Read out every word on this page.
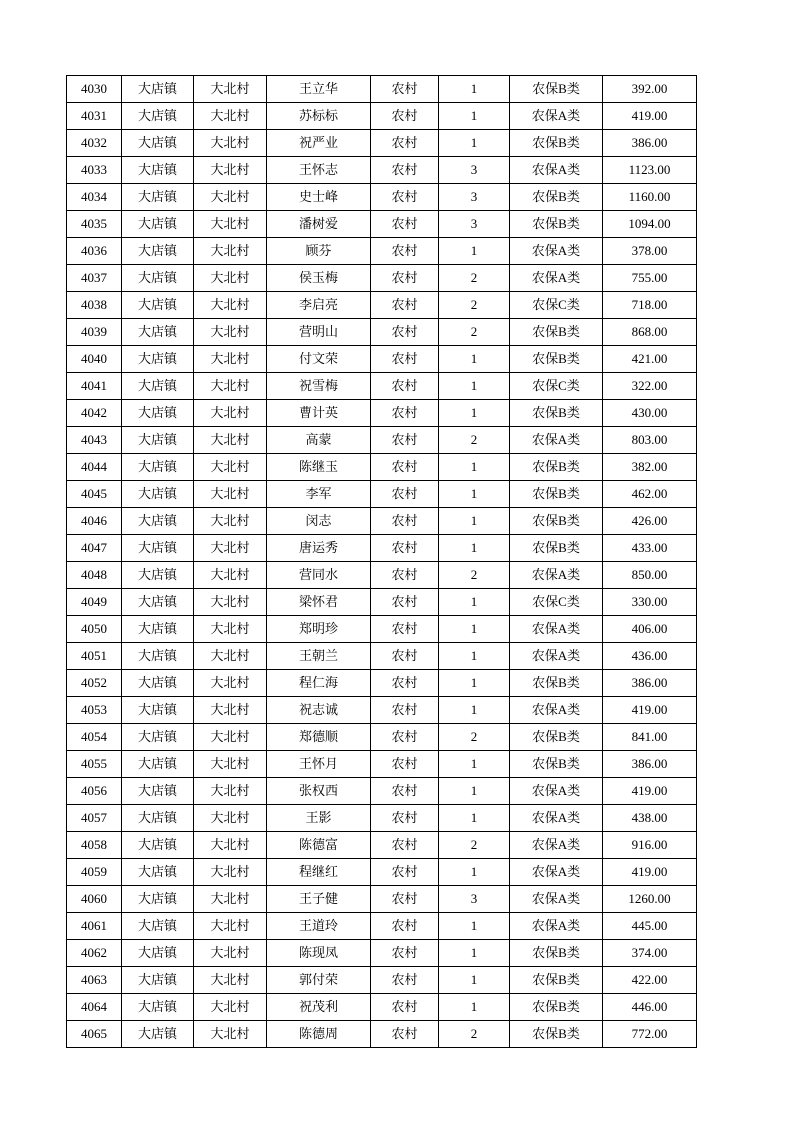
4030	大店镇	大北村	王立华	农村	1	农保B类	392.00
4031	大店镇	大北村	苏标标	农村	1	农保A类	419.00
4032	大店镇	大北村	祝严业	农村	1	农保B类	386.00
4033	大店镇	大北村	王怀志	农村	3	农保A类	1123.00
4034	大店镇	大北村	史士峰	农村	3	农保B类	1160.00
4035	大店镇	大北村	潘树爱	农村	3	农保B类	1094.00
4036	大店镇	大北村	顾芬	农村	1	农保A类	378.00
4037	大店镇	大北村	侯玉梅	农村	2	农保A类	755.00
4038	大店镇	大北村	李启亮	农村	2	农保C类	718.00
4039	大店镇	大北村	营明山	农村	2	农保B类	868.00
4040	大店镇	大北村	付文荣	农村	1	农保B类	421.00
4041	大店镇	大北村	祝雪梅	农村	1	农保C类	322.00
4042	大店镇	大北村	曹计英	农村	1	农保B类	430.00
4043	大店镇	大北村	高蒙	农村	2	农保A类	803.00
4044	大店镇	大北村	陈继玉	农村	1	农保B类	382.00
4045	大店镇	大北村	李军	农村	1	农保B类	462.00
4046	大店镇	大北村	闵志	农村	1	农保B类	426.00
4047	大店镇	大北村	唐运秀	农村	1	农保B类	433.00
4048	大店镇	大北村	营同水	农村	2	农保A类	850.00
4049	大店镇	大北村	梁怀君	农村	1	农保C类	330.00
4050	大店镇	大北村	郑明珍	农村	1	农保A类	406.00
4051	大店镇	大北村	王朝兰	农村	1	农保A类	436.00
4052	大店镇	大北村	程仁海	农村	1	农保B类	386.00
4053	大店镇	大北村	祝志诚	农村	1	农保A类	419.00
4054	大店镇	大北村	郑德顺	农村	2	农保B类	841.00
4055	大店镇	大北村	王怀月	农村	1	农保B类	386.00
4056	大店镇	大北村	张权西	农村	1	农保A类	419.00
4057	大店镇	大北村	王影	农村	1	农保A类	438.00
4058	大店镇	大北村	陈德富	农村	2	农保A类	916.00
4059	大店镇	大北村	程继红	农村	1	农保A类	419.00
4060	大店镇	大北村	王子健	农村	3	农保A类	1260.00
4061	大店镇	大北村	王道玲	农村	1	农保A类	445.00
4062	大店镇	大北村	陈现凤	农村	1	农保B类	374.00
4063	大店镇	大北村	郭付荣	农村	1	农保B类	422.00
4064	大店镇	大北村	祝茂利	农村	1	农保B类	446.00
4065	大店镇	大北村	陈德周	农村	2	农保B类	772.00
